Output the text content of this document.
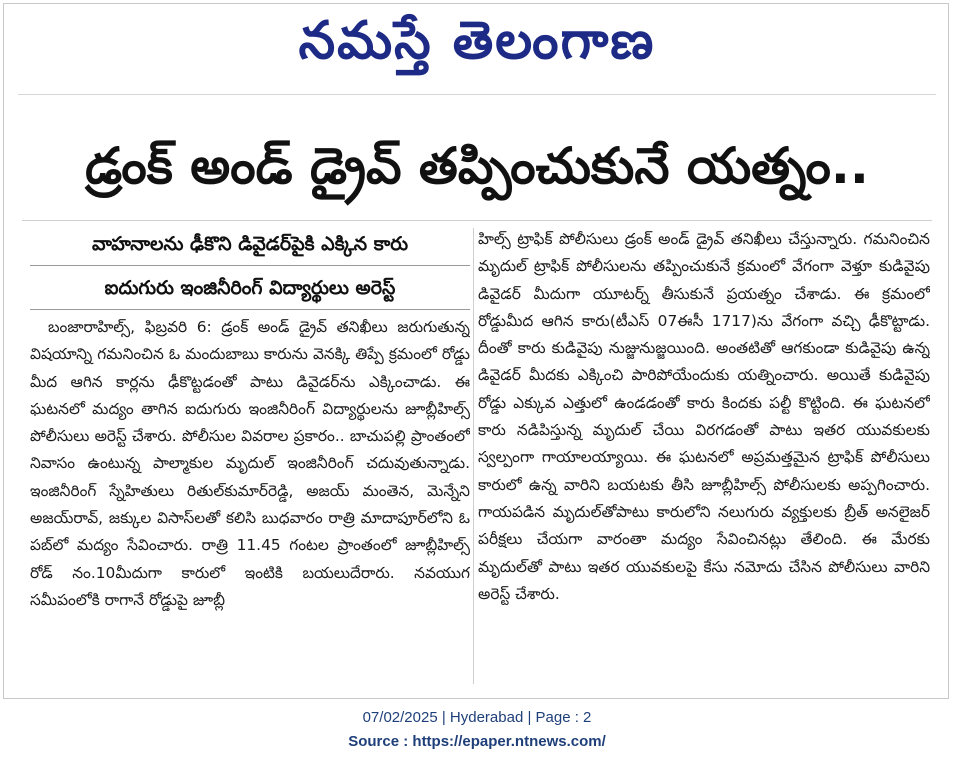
నమస్తే తెలంగాణ
డ్రంక్ అండ్ డ్రైవ్ తప్పించుకునే యత్నం..
వాహనాలను ఢీకొని డివైడర్‌పైకి ఎక్కిన కారు
ఐదుగురు ఇంజినీరింగ్ విద్యార్థులు అరెస్ట్

బంజారాహిల్స్, ఫిబ్రవరి 6: డ్రంక్ అండ్ డ్రైవ్ తనిఖీలు జరుగుతున్న విషయాన్ని గమనించిన ఓ మందుబాబు కారును వెనక్కి తిప్పే క్రమంలో రోడ్డు మీద ఆగిన కార్లను ఢీకొట్టడంతో పాటు డివైడర్‌ను ఎక్కించాడు. ఈ ఘటనలో మద్యం తాగిన ఐదుగురు ఇంజినీరింగ్ విద్యార్థులను జూబ్లీహిల్స్ పోలీసులు అరెస్ట్ చేశారు. పోలీసుల వివరాల ప్రకారం.. బాచుపల్లి ప్రాంతంలో నివాసం ఉంటున్న పాల్మాకుల మృదుల్ ఇంజినీరింగ్ చదువుతున్నాడు. ఇంజినీరింగ్ స్నేహితులు రితుల్‌కుమార్‌రెడ్డి, అజయ్ మంతెన, మెన్నేని అజయ్‌రావ్, జక్కుల విసాస్‌లతో కలిసి బుధవారం రాత్రి మాదాపూర్‌లోని ఓ పబ్‌లో మద్యం సేవించారు. రాత్రి 11.45 గంటల ప్రాంతంలో జూబ్లీహిల్స్ రోడ్ నం.10మీదుగా కారులో ఇంటికి బయలుదేరారు. నవయుగ సమీపంలోకి రాగానే రోడ్డుపై జూబ్లీ

హిల్స్ ట్రాఫిక్ పోలీసులు డ్రంక్ అండ్ డ్రైవ్ తనిఖీలు చేస్తున్నారు. గమనించిన మృదుల్ ట్రాఫిక్ పోలీసులను తప్పించుకునే క్రమంలో వేగంగా వెళ్తూ కుడివైపు డివైడర్ మీదుగా యూటర్న్ తీసుకునే ప్రయత్నం చేశాడు. ఈ క్రమంలో రోడ్డుమీద ఆగిన కారు(టీఎస్ 07ఈసీ 1717)ను వేగంగా వచ్చి ఢీకొట్టాడు. దీంతో కారు కుడివైపు నుజ్జునుజ్జయింది. అంతటితో ఆగకుండా కుడివైపు ఉన్న డివైడర్ మీదకు ఎక్కించి పారిపోయేందుకు యత్నించారు. అయితే కుడివైపు రోడ్డు ఎక్కువ ఎత్తులో ఉండడంతో కారు కిందకు పల్టీ కొట్టింది. ఈ ఘటనలో కారు నడిపిస్తున్న మృదుల్ చేయి విరగడంతో పాటు ఇతర యువకులకు స్వల్పంగా గాయాలయ్యాయి. ఈ ఘటనలో అప్రమత్తమైన ట్రాఫిక్ పోలీసులు కారులో ఉన్న వారిని బయటకు తీసి జూబ్లీహిల్స్ పోలీసులకు అప్పగించారు. గాయపడిన మృదుల్‌తోపాటు కారులోని నలుగురు వ్యక్తులకు బ్రీత్ అనలైజర్ పరీక్షలు చేయగా వారంతా మద్యం సేవించినట్లు తేలింది. ఈ మేరకు మృదుల్‌తో పాటు ఇతర యువకులపై కేసు నమోదు చేసిన పోలీసులు వారిని అరెస్ట్ చేశారు.

07/02/2025 | Hyderabad | Page : 2
Source : https://epaper.ntnews.com/
